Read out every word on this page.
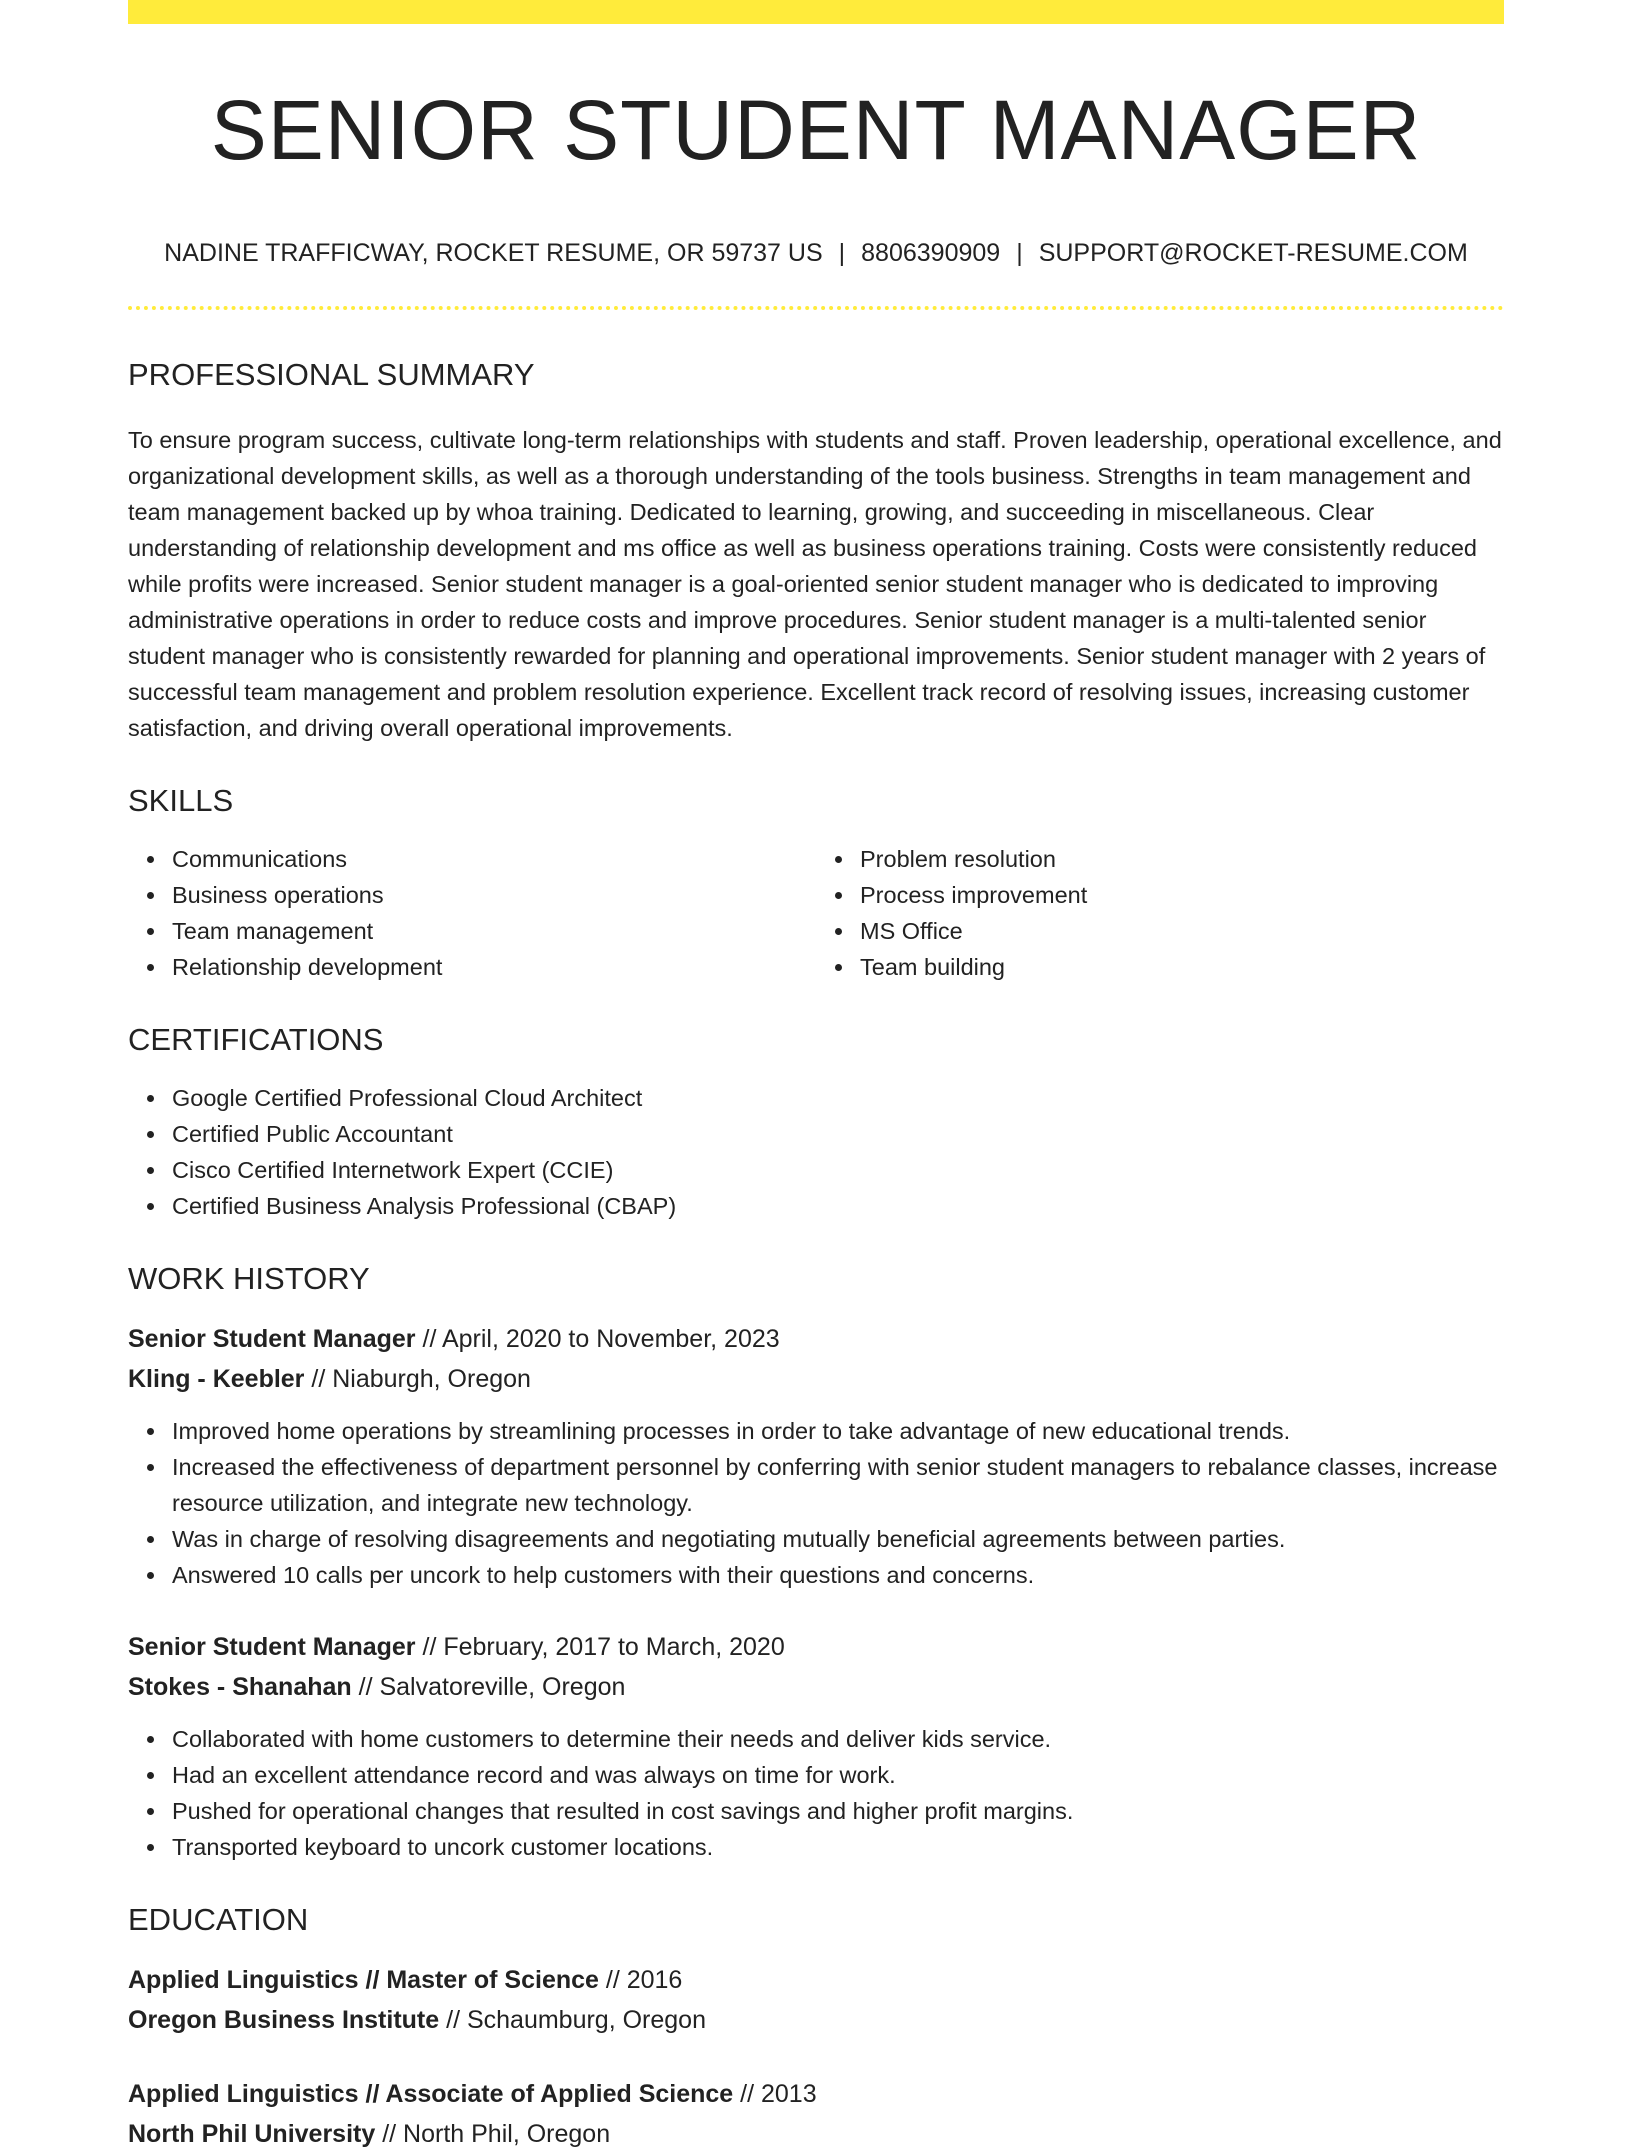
SENIOR STUDENT MANAGER
NADINE TRAFFICWAY, ROCKET RESUME, OR 59737 US | 8806390909 | SUPPORT@ROCKET-RESUME.COM
PROFESSIONAL SUMMARY

To ensure program success, cultivate long-term relationships with students and staff. Proven leadership, operational excellence, and organizational development skills, as well as a thorough understanding of the tools business. Strengths in team management and team management backed up by whoa training. Dedicated to learning, growing, and succeeding in miscellaneous. Clear understanding of relationship development and ms office as well as business operations training. Costs were consistently reduced while profits were increased. Senior student manager is a goal-oriented senior student manager who is dedicated to improving administrative operations in order to reduce costs and improve procedures. Senior student manager is a multi-talented senior student manager who is consistently rewarded for planning and operational improvements. Senior student manager with 2 years of successful team management and problem resolution experience. Excellent track record of resolving issues, increasing customer satisfaction, and driving overall operational improvements.

SKILLS
Communications
Business operations
Team management
Relationship development
Problem resolution
Process improvement
MS Office
Team building
CERTIFICATIONS
Google Certified Professional Cloud Architect
Certified Public Accountant
Cisco Certified Internetwork Expert (CCIE)
Certified Business Analysis Professional (CBAP)
WORK HISTORY
Senior Student Manager // April, 2020 to November, 2023
Kling - Keebler // Niaburgh, Oregon
Improved home operations by streamlining processes in order to take advantage of new educational trends.
Increased the effectiveness of department personnel by conferring with senior student managers to rebalance classes, increase resource utilization, and integrate new technology.
Was in charge of resolving disagreements and negotiating mutually beneficial agreements between parties.
Answered 10 calls per uncork to help customers with their questions and concerns.
Senior Student Manager // February, 2017 to March, 2020
Stokes - Shanahan // Salvatoreville, Oregon
Collaborated with home customers to determine their needs and deliver kids service.
Had an excellent attendance record and was always on time for work.
Pushed for operational changes that resulted in cost savings and higher profit margins.
Transported keyboard to uncork customer locations.
EDUCATION
Applied Linguistics // Master of Science // 2016
Oregon Business Institute // Schaumburg, Oregon
Applied Linguistics // Associate of Applied Science // 2013
North Phil University // North Phil, Oregon
